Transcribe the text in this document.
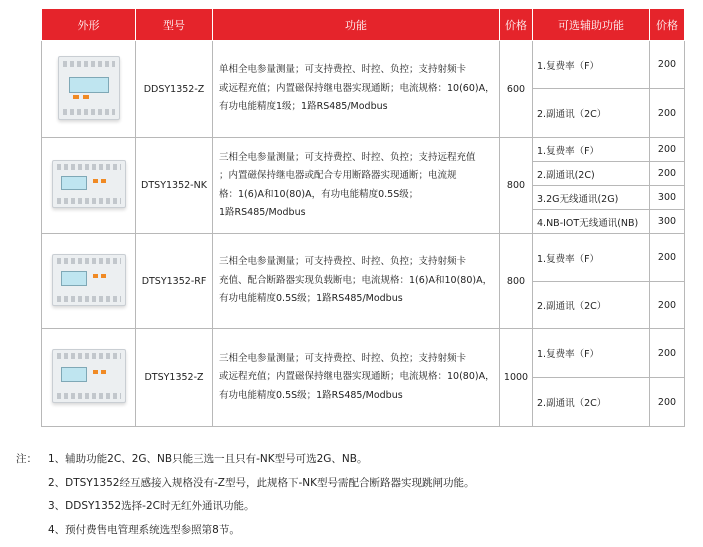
外形	型号	功能	价格	可选辅助功能	价格

	DDSY1352-Z	单相全电参量测量；可支持费控、时控、负控；支持射频卡
或远程充值；内置磁保持继电器实现通断；电流规格：10(60)A，
有功电能精度1级；1路RS485/Modbus	600	1.复费率（F）	200
				2.副通讯（2C）	200

	DTSY1352-NK	三相全电参量测量；可支持费控、时控、负控；支持远程充值
；内置磁保持继电器或配合专用断路器实现通断；电流规
格：1(6)A和10(80)A，有功电能精度0.5S级；
1路RS485/Modbus	800	1.复费率（F）	200
				2.副通讯(2C)	200
				3.2G无线通讯(2G)	300
				4.NB-IOT无线通讯(NB)	300

	DTSY1352-RF	三相全电参量测量；可支持费控、时控、负控；支持射频卡
充值、配合断路器实现负载断电；电流规格：1(6)A和10(80)A，
有功电能精度0.5S级；1路RS485/Modbus	800	1.复费率（F）	200
				2.副通讯（2C）	200

	DTSY1352-Z	三相全电参量测量；可支持费控、时控、负控；支持射频卡
或远程充值；内置磁保持继电器实现通断；电流规格：10(80)A，
有功电能精度0.5S级；1路RS485/Modbus	1000	1.复费率（F）	200
				2.副通讯（2C）	200
注： 1、辅助功能2C、2G、NB只能三选一且只有-NK型号可选2G、NB。
2、DTSY1352经互感接入规格没有-Z型号，此规格下-NK型号需配合断路器实现跳闸功能。
3、DDSY1352选择-2C时无红外通讯功能。
4、预付费售电管理系统选型参照第8节。
